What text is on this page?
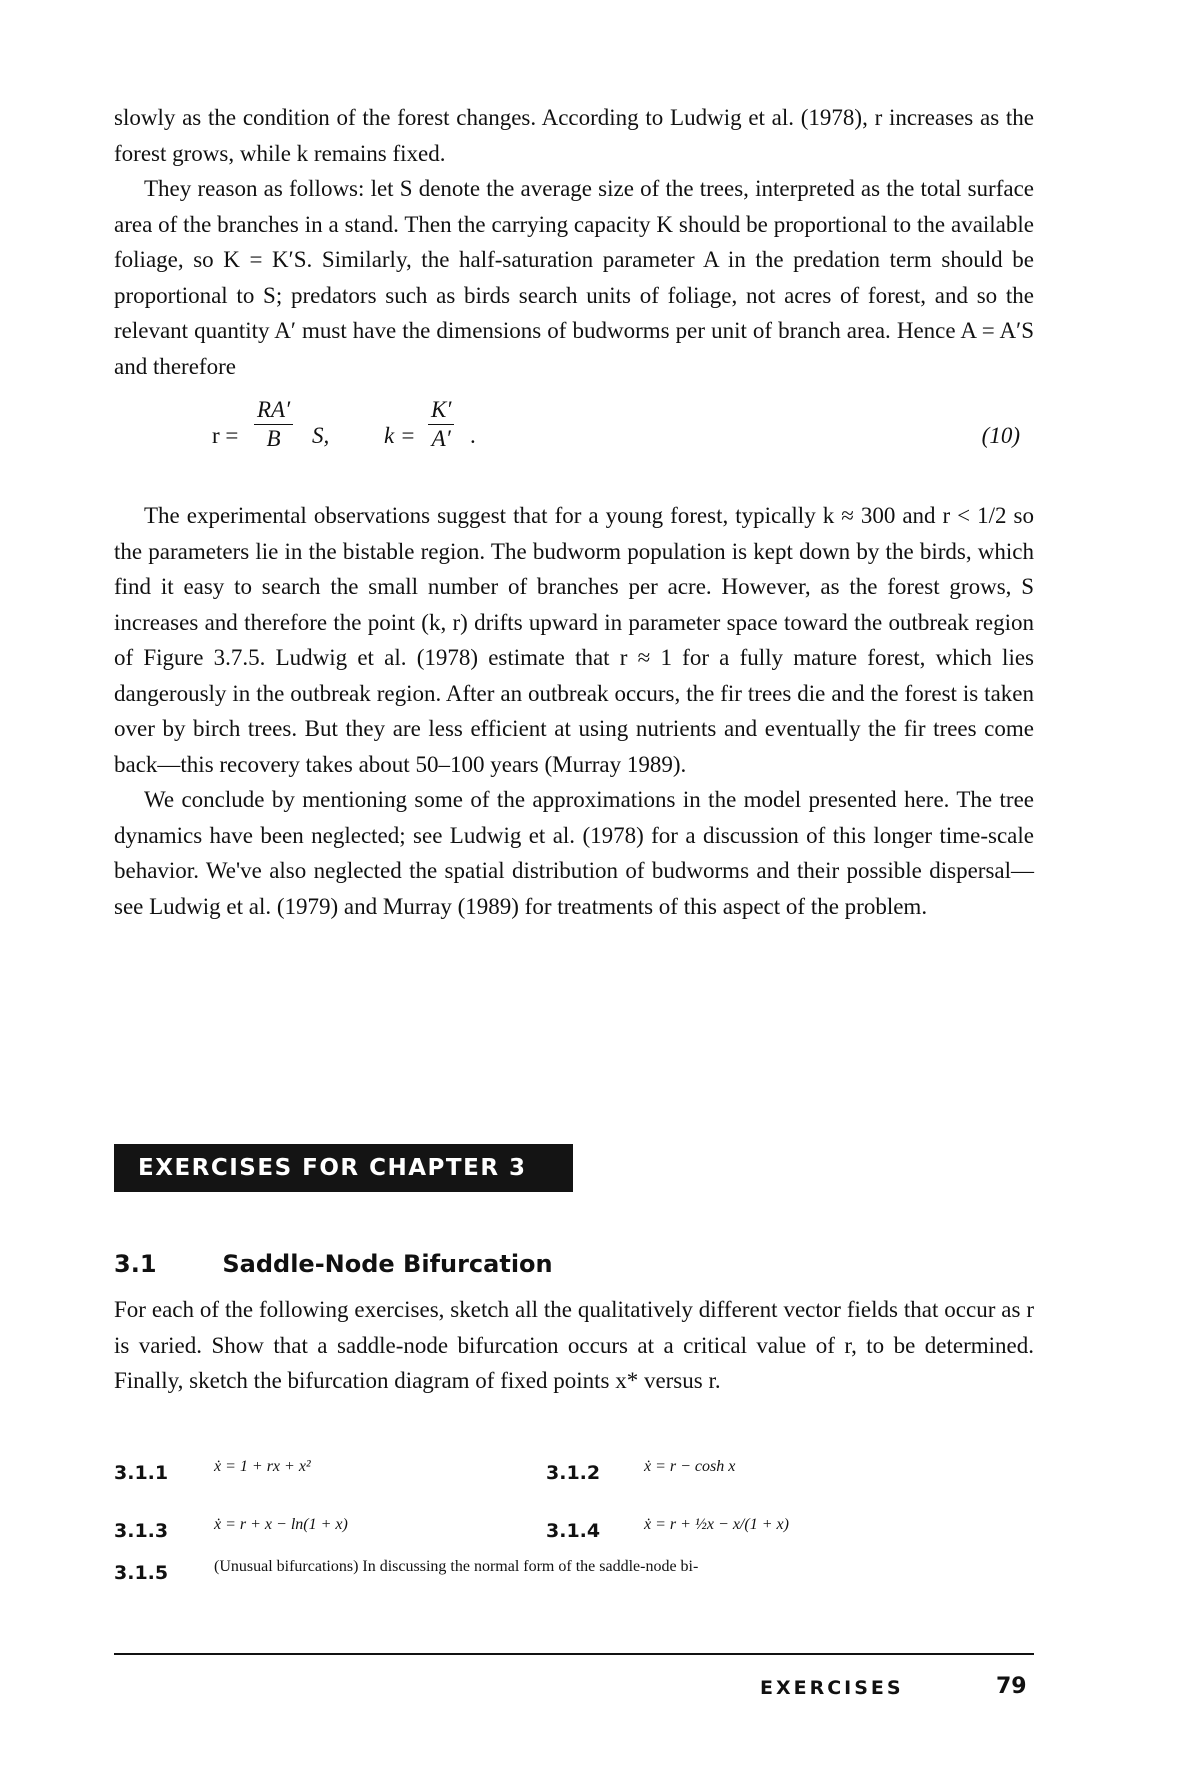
slowly as the condition of the forest changes. According to Ludwig et al. (1978), r increases as the forest grows, while k remains fixed.

They reason as follows: let S denote the average size of the trees, interpreted as the total surface area of the branches in a stand. Then the carrying capacity K should be proportional to the available foliage, so K = K′S. Similarly, the half-saturation parameter A in the predation term should be proportional to S; predators such as birds search units of foliage, not acres of forest, and so the relevant quantity A′ must have the dimensions of budworms per unit of branch area. Hence A = A′S and therefore

$r = \frac{RA'}{B} S$, $k = \frac{K'}{A'}$ .	(10)

The experimental observations suggest that for a young forest, typically k ≈ 300 and r < 1/2 so the parameters lie in the bistable region. The budworm population is kept down by the birds, which find it easy to search the small number of branches per acre. However, as the forest grows, S increases and therefore the point (k, r) drifts upward in parameter space toward the outbreak region of Figure 3.7.5. Ludwig et al. (1978) estimate that r ≈ 1 for a fully mature forest, which lies dangerously in the outbreak region. After an outbreak occurs, the fir trees die and the forest is taken over by birch trees. But they are less efficient at using nutrients and eventually the fir trees come back—this recovery takes about 50–100 years (Murray 1989).

We conclude by mentioning some of the approximations in the model presented here. The tree dynamics have been neglected; see Ludwig et al. (1978) for a discussion of this longer time-scale behavior. We've also neglected the spatial distribution of budworms and their possible dispersal—see Ludwig et al. (1979) and Murray (1989) for treatments of this aspect of the problem.

EXERCISES FOR CHAPTER 3
3.1	Saddle-Node Bifurcation
For each of the following exercises, sketch all the qualitatively different vector fields that occur as r is varied. Show that a saddle-node bifurcation occurs at a critical value of r, to be determined. Finally, sketch the bifurcation diagram of fixed points x* versus r.
3.1.1	ẋ = 1 + rx + x²	3.1.2	ẋ = r − cosh x
3.1.3	ẋ = r + x − ln(1 + x)	3.1.4	ẋ = r + ½x − x/(1 + x)
3.1.5	(Unusual bifurcations) In discussing the normal form of the saddle-node bi-
EXERCISES	79
